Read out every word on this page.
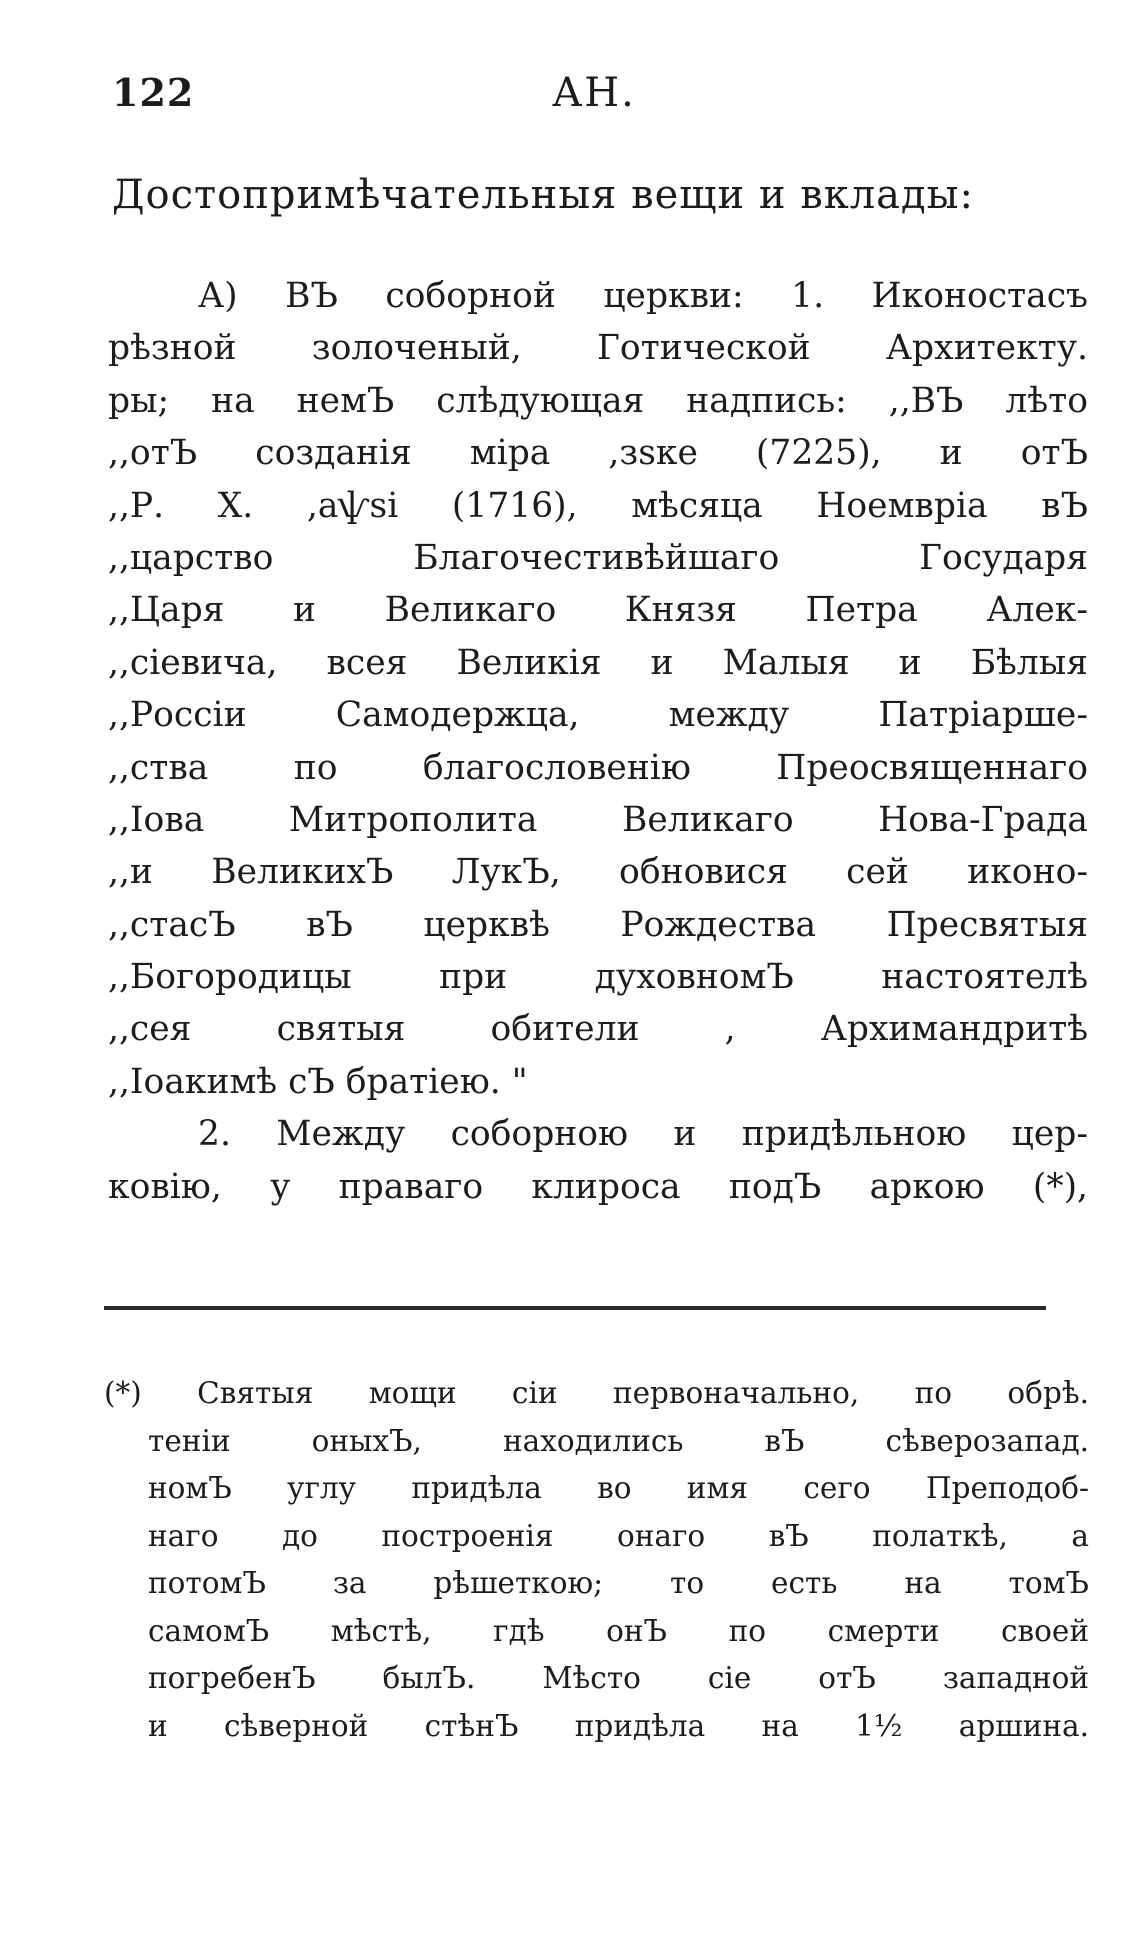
122	АН.
Достопримѣчательныя вещи и вклады:
А) ВЪ соборной церкви: 1. Иконостасъ
рѣзной золоченый, Готической Архитекту.
ры; на немЪ слѣдующая надпись: ,,ВЪ лѣто
,,отЪ созданія міра ,зѕке (7225), и отЪ
,,Р. Х. ,аѱѕі (1716), мѣсяца Ноемвріа вЪ
,,царство Благочестивѣйшаго Государя
,,Царя и Великаго Князя Петра Алек-
,,сіевича, всея Великія и Малыя и Бѣлыя
,,Россіи Самодержца, между Патріарше-
,,ства по благословенію Преосвященнаго
,,Іова Митрополита Великаго Нова-Града
,,и ВеликихЪ ЛукЪ, обновися сей иконо-
,,стасЪ вЪ церквѣ Рождества Пресвятыя
,,Богородицы при духовномЪ настоятелѣ
,,сея святыя обители , Архимандритѣ
,,Іоакимѣ сЪ братіею. "
2. Между соборною и придѣльною цер-
ковію, у праваго клироса подЪ аркою (*),
(*) Святыя мощи сіи первоначально, по обрѣ.
теніи оныхЪ, находились вЪ сѣверозапад.
номЪ углу придѣла во имя сего Преподоб-
наго до построенія онаго вЪ полаткѣ, а
потомЪ за рѣшеткою; то есть на томЪ
самомЪ мѣстѣ, гдѣ онЪ по смерти своей
погребенЪ былЪ. Мѣсто сіе отЪ западной
и сѣверной стѣнЪ придѣла на 1½ аршина.
